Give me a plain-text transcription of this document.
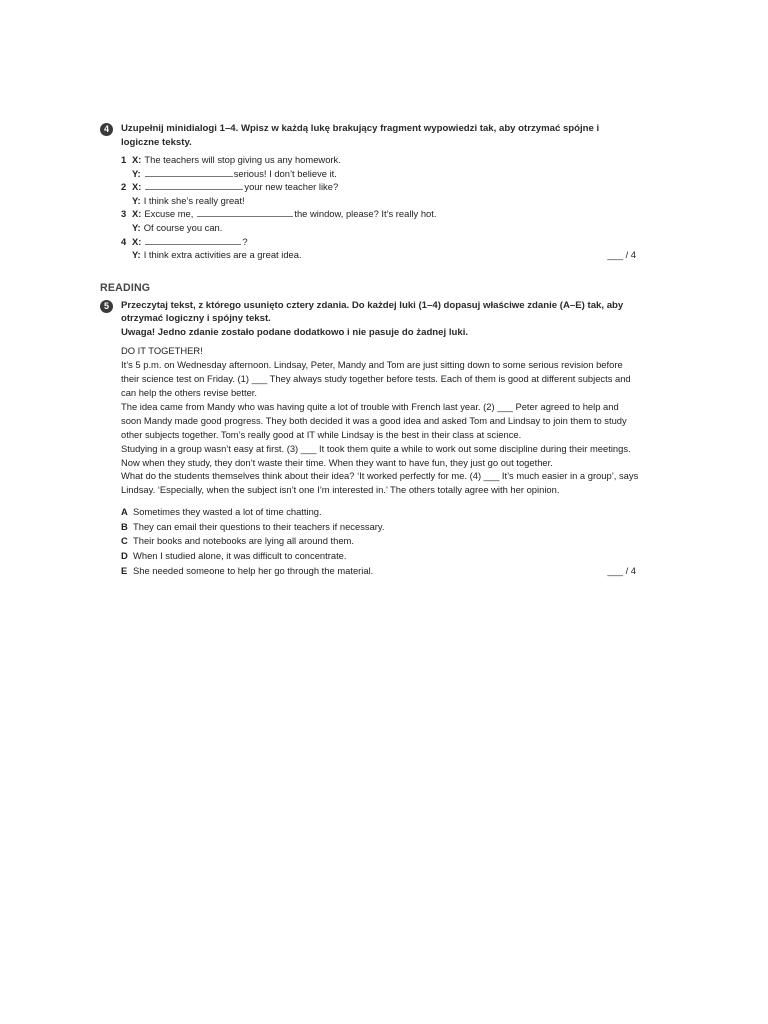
4	Uzupełnij minidialogi 1–4. Wpisz w każdą lukę brakujący fragment wypowiedzi tak, aby otrzymać spójne i logiczne teksty.
1 X: The teachers will stop giving us any homework.
Y:	serious! I don’t believe it.
2 X:	your new teacher like?
Y: I think she’s really great!
3 X: Excuse me,	the window, please? It’s really hot.
Y: Of course you can.
4 X:	?
Y: I think extra activities are a great idea.	___ / 4
READING
5	Przeczytaj tekst, z którego usunięto cztery zdania. Do każdej luki (1–4) dopasuj właściwe zdanie (A–E) tak, aby otrzymać logiczny i spójny tekst.
Uwaga! Jedno zdanie zostało podane dodatkowo i nie pasuje do żadnej luki.

DO IT TOGETHER!

It’s 5 p.m. on Wednesday afternoon. Lindsay, Peter, Mandy and Tom are just sitting down to some serious revision before their science test on Friday. (1) ___ They always study together before tests. Each of them is good at different subjects and can help the others revise better.

The idea came from Mandy who was having quite a lot of trouble with French last year. (2) ___ Peter agreed to help and soon Mandy made good progress. They both decided it was a good idea and asked Tom and Lindsay to join them to study other subjects together. Tom’s really good at IT while Lindsay is the best in their class at science.

Studying in a group wasn’t easy at first. (3) ___ It took them quite a while to work out some discipline during their meetings. Now when they study, they don’t waste their time. When they want to have fun, they just go out together.

What do the students themselves think about their idea? ‘It worked perfectly for me. (4) ___ It’s much easier in a group’, says Lindsay. ‘Especially, when the subject isn’t one I’m interested in.’ The others totally agree with her opinion.

A Sometimes they wasted a lot of time chatting.
B They can email their questions to their teachers if necessary.
C Their books and notebooks are lying all around them.
D When I studied alone, it was difficult to concentrate.
E She needed someone to help her go through the material.	___ / 4
